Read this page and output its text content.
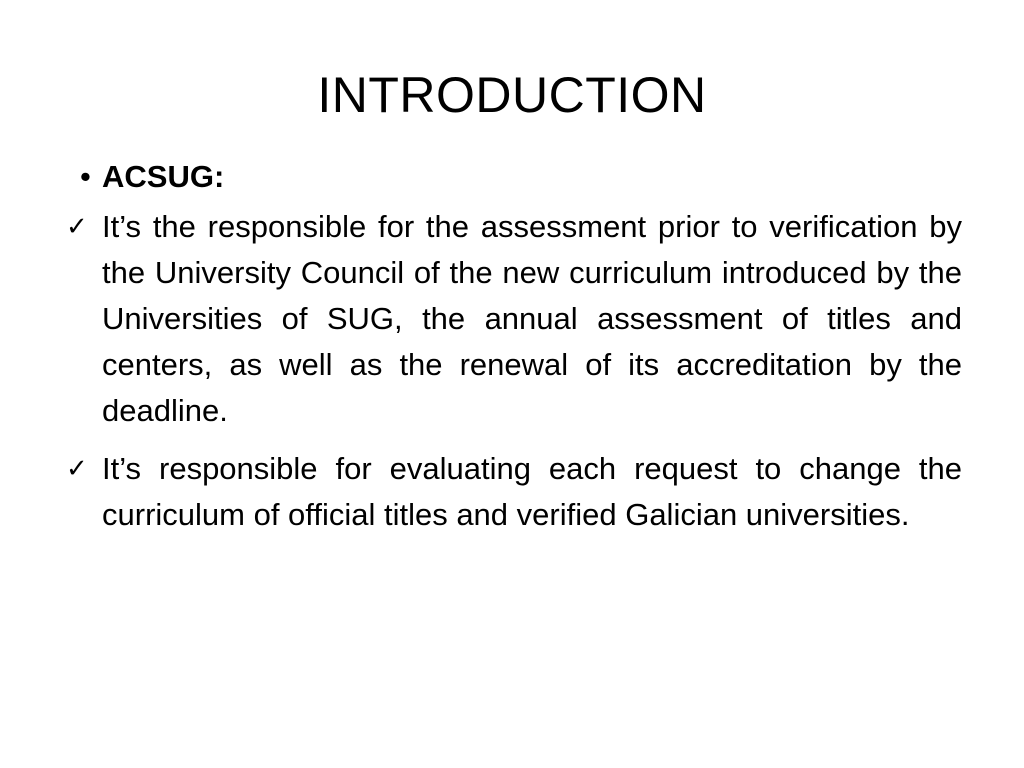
INTRODUCTION
• ACSUG:
✓ It’s the responsible for the assessment prior to verification by the University Council of the new curriculum introduced by the Universities of SUG, the annual assessment of titles and centers, as well as the renewal of its accreditation by the deadline.
✓ It’s responsible for evaluating each request to change the curriculum of official titles and verified Galician universities.
